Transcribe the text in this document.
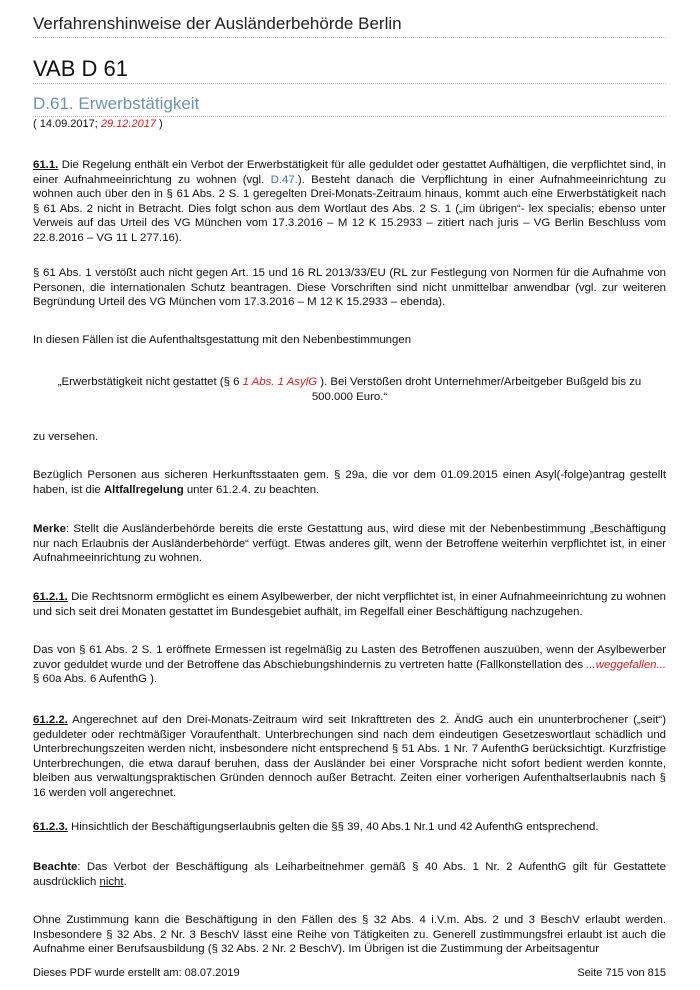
Verfahrenshinweise der Ausländerbehörde Berlin
VAB D 61
D.61. Erwerbstätigkeit
( 14.09.2017; 29.12.2017 )
61.1. Die Regelung enthält ein Verbot der Erwerbstätigkeit für alle geduldet oder gestattet Aufhältigen, die verpflichtet sind, in einer Aufnahmeeinrichtung zu wohnen (vgl. D.47.). Besteht danach die Verpflichtung in einer Aufnahmeeinrichtung zu wohnen auch über den in § 61 Abs. 2 S. 1 geregelten Drei-Monats-Zeitraum hinaus, kommt auch eine Erwerbstätigkeit nach § 61 Abs. 2 nicht in Betracht. Dies folgt schon aus dem Wortlaut des Abs. 2 S. 1 („im übrigen“- lex specialis; ebenso unter Verweis auf das Urteil des VG München vom 17.3.2016 – M 12 K 15.2933 – zitiert nach juris – VG Berlin Beschluss vom 22.8.2016 – VG 11 L 277.16).
§ 61 Abs. 1 verstößt auch nicht gegen Art. 15 und 16 RL 2013/33/EU (RL zur Festlegung von Normen für die Aufnahme von Personen, die internationalen Schutz beantragen. Diese Vorschriften sind nicht unmittelbar anwendbar (vgl. zur weiteren Begründung Urteil des VG München vom 17.3.2016 – M 12 K 15.2933 – ebenda).
In diesen Fällen ist die Aufenthaltsgestattung mit den Nebenbestimmungen
„Erwerbstätigkeit nicht gestattet (§ 6 1 Abs. 1 AsylG ). Bei Verstößen droht Unternehmer/Arbeitgeber Bußgeld bis zu 500.000 Euro.“
zu versehen.
Bezüglich Personen aus sicheren Herkunftsstaaten gem. § 29a, die vor dem 01.09.2015 einen Asyl(-folge)antrag gestellt haben, ist die Altfallregelung unter 61.2.4. zu beachten.
Merke: Stellt die Ausländerbehörde bereits die erste Gestattung aus, wird diese mit der Nebenbestimmung „Beschäftigung nur nach Erlaubnis der Ausländerbehörde“ verfügt. Etwas anderes gilt, wenn der Betroffene weiterhin verpflichtet ist, in einer Aufnahmeeinrichtung zu wohnen.
61.2.1. Die Rechtsnorm ermöglicht es einem Asylbewerber, der nicht verpflichtet ist, in einer Aufnahmeeinrichtung zu wohnen und sich seit drei Monaten gestattet im Bundesgebiet aufhält, im Regelfall einer Beschäftigung nachzugehen.
Das von § 61 Abs. 2 S. 1 eröffnete Ermessen ist regelmäßig zu Lasten des Betroffenen auszuüben, wenn der Asylbewerber zuvor geduldet wurde und der Betroffene das Abschiebungshindernis zu vertreten hatte (Fallkonstellation des ...weggefallen... § 60a Abs. 6 AufenthG ).
61.2.2. Angerechnet auf den Drei-Monats-Zeitraum wird seit Inkrafttreten des 2. ÄndG auch ein ununterbrochener („seit“) geduldeter oder rechtmäßiger Voraufenthalt. Unterbrechungen sind nach dem eindeutigen Gesetzeswortlaut schädlich und Unterbrechungszeiten werden nicht, insbesondere nicht entsprechend § 51 Abs. 1 Nr. 7 AufenthG berücksichtigt. Kurzfristige Unterbrechungen, die etwa darauf beruhen, dass der Ausländer bei einer Vorsprache nicht sofort bedient werden konnte, bleiben aus verwaltungspraktischen Gründen dennoch außer Betracht. Zeiten einer vorherigen Aufenthaltserlaubnis nach § 16 werden voll angerechnet.
61.2.3. Hinsichtlich der Beschäftigungserlaubnis gelten die §§ 39, 40 Abs.1 Nr.1 und 42 AufenthG entsprechend.
Beachte: Das Verbot der Beschäftigung als Leiharbeitnehmer gemäß § 40 Abs. 1 Nr. 2 AufenthG gilt für Gestattete ausdrücklich nicht.
Ohne Zustimmung kann die Beschäftigung in den Fällen des § 32 Abs. 4 i.V.m. Abs. 2 und 3 BeschV erlaubt werden. Insbesondere § 32 Abs. 2 Nr. 3 BeschV lässt eine Reihe von Tätigkeiten zu. Generell zustimmungsfrei erlaubt ist auch die Aufnahme einer Berufsausbildung (§ 32 Abs. 2 Nr. 2 BeschV). Im Übrigen ist die Zustimmung der Arbeitsagentur
Dieses PDF wurde erstellt am: 08.07.2019	Seite 715 von 815
